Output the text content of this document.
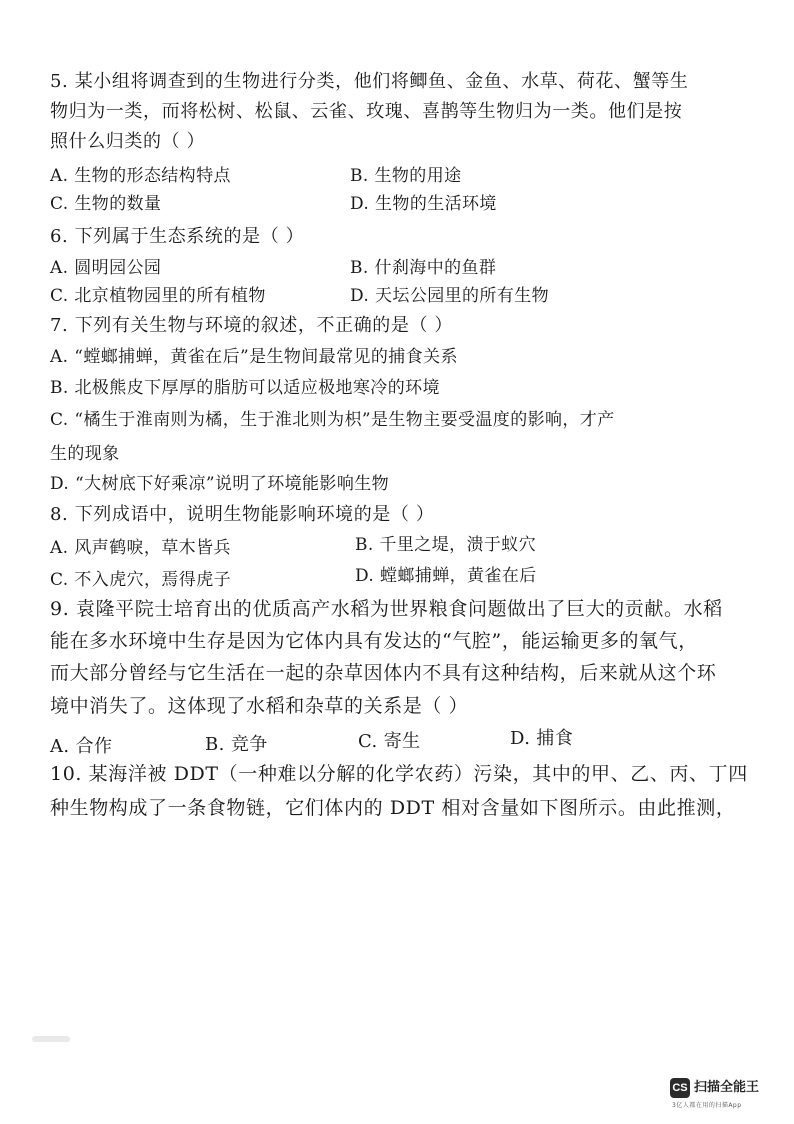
5. 某小组将调查到的生物进行分类，他们将鲫鱼、金鱼、水草、荷花、蟹等生
物归为一类，而将松树、松鼠、云雀、玫瑰、喜鹊等生物归为一类。他们是按
照什么归类的（ ）
A. 生物的形态结构特点	B. 生物的用途
C. 生物的数量	D. 生物的生活环境
6. 下列属于生态系统的是（ ）
A. 圆明园公园	B. 什刹海中的鱼群
C. 北京植物园里的所有植物	D. 天坛公园里的所有生物
7. 下列有关生物与环境的叙述，不正确的是（ ）
A. “螳螂捕蝉，黄雀在后”是生物间最常见的捕食关系
B. 北极熊皮下厚厚的脂肪可以适应极地寒冷的环境
C. “橘生于淮南则为橘，生于淮北则为枳”是生物主要受温度的影响，才产
生的现象
D. “大树底下好乘凉”说明了环境能影响生物
8. 下列成语中，说明生物能影响环境的是（ ）
A. 风声鹤唳，草木皆兵	B. 千里之堤，溃于蚁穴
C. 不入虎穴，焉得虎子	D. 螳螂捕蝉，黄雀在后
9. 袁隆平院士培育出的优质高产水稻为世界粮食问题做出了巨大的贡献。水稻
能在多水环境中生存是因为它体内具有发达的“气腔”，能运输更多的氧气，
而大部分曾经与它生活在一起的杂草因体内不具有这种结构，后来就从这个环
境中消失了。这体现了水稻和杂草的关系是（ ）
A. 合作	B. 竞争	C. 寄生	D. 捕食
10. 某海洋被 DDT（一种难以分解的化学农药）污染，其中的甲、乙、丙、丁四
种生物构成了一条食物链，它们体内的 DDT 相对含量如下图所示。由此推测，
CS 扫描全能王
3亿人都在用的扫描App
